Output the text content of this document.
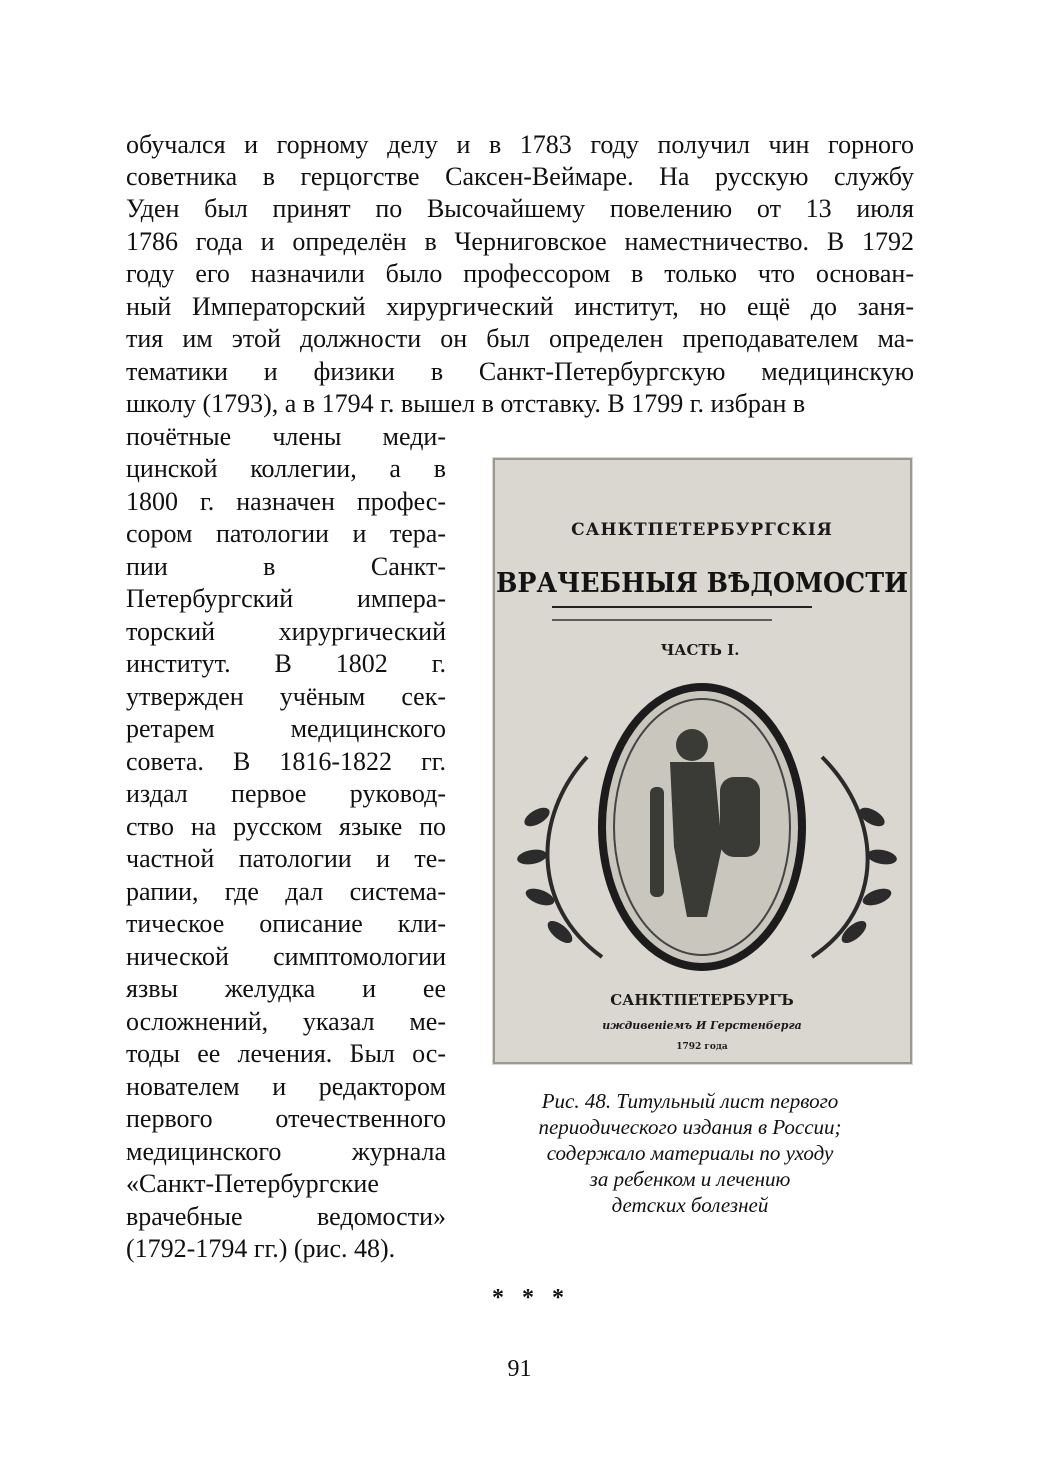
обучался и горному делу и в 1783 году получил чин горного
советника в герцогстве Саксен-Веймаре. На русскую службу
Уден был принят по Высочайшему повелению от 13 июля
1786 года и определён в Черниговское наместничество. В 1792
году его назначили было профессором в только что основан-
ный Императорский хирургический институт, но ещё до заня-
тия им этой должности он был определен преподавателем ма-
тематики и физики в Санкт-Петербургскую медицинскую
школу (1793), а в 1794 г. вышел в отставку. В 1799 г. избран в
почётные члены меди-
цинской коллегии, а в
1800 г. назначен профес-
сором патологии и тера-
пии в Санкт-
Петербургский импера-
торский хирургический
институт. В 1802 г.
утвержден учёным сек-
ретарем медицинского
совета. В 1816-1822 гг.
издал первое руковод-
ство на русском языке по
частной патологии и те-
рапии, где дал система-
тическое описание кли-
нической симптомологии
язвы желудка и ее
осложнений, указал ме-
тоды ее лечения. Был ос-
нователем и редактором
первого отечественного
медицинского журнала
«Санкт-Петербургские
врачебные ведомости»
(1792-1794 гг.) (рис. 48).
САНКТПЕТЕРБУРГСКІЯ
ВРАЧЕБНЫЯ ВѢДОМОСТИ
ЧАСТЬ I.
САНКТПЕТЕРБУРГЪ
иждивенiемъ И Герстенберга
1792 года
Рис. 48. Титульный лист первого
периодического издания в России;
содержало материалы по уходу
за ребенком и лечению
детских болезней
* * *
91
